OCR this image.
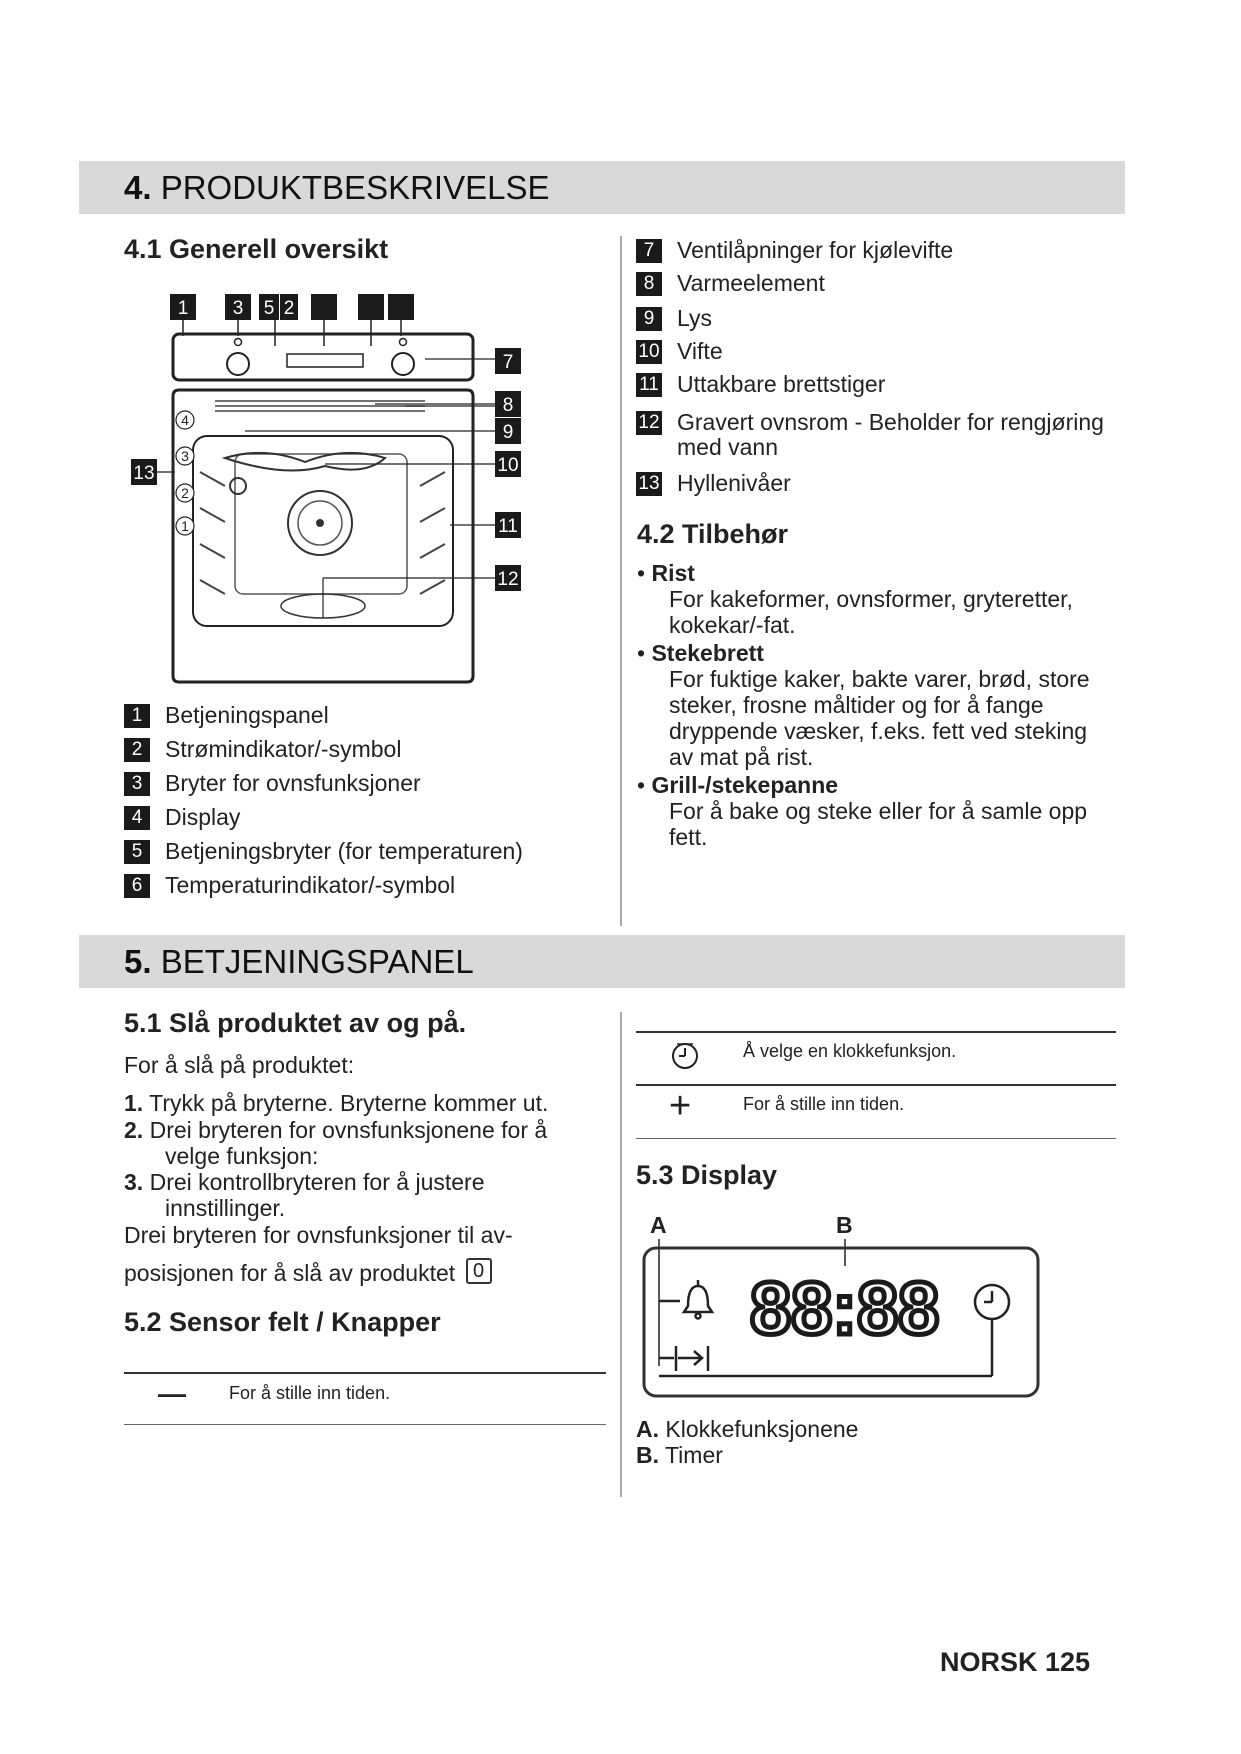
4. PRODUKTBESKRIVELSE
4.1 Generell oversikt
1 3 5 2
4
3
2
1
7
8
9
10
11
12
13
1 Betjeningspanel
2 Strømindikator/-symbol
3 Bryter for ovnsfunksjoner
4 Display
5 Betjeningsbryter (for temperaturen)
6 Temperaturindikator/-symbol
7 Ventilåpninger for kjølevifte
8 Varmeelement
9 Lys
10 Vifte
11 Uttakbare brettstiger
12 Gravert ovnsrom - Beholder for rengjøring
med vann
13 Hyllenivåer
4.2 Tilbehør
• Rist
For kakeformer, ovnsformer, gryteretter,
kokekar/-fat.
• Stekebrett
For fuktige kaker, bakte varer, brød, store
steker, frosne måltider og for å fange
dryppende væsker, f.eks. fett ved steking
av mat på rist.
• Grill-/stekepanne
For å bake og steke eller for å samle opp
fett.
5. BETJENINGSPANEL
5.1 Slå produktet av og på.
For å slå på produktet:
1. Trykk på bryterne. Bryterne kommer ut.
2. Drei bryteren for ovnsfunksjonene for å
velge funksjon:
3. Drei kontrollbryteren for å justere
innstillinger.
Drei bryteren for ovnsfunksjoner til av-
posisjonen for å slå av produktet 0
5.2 Sensor felt / Knapper
— For å stille inn tiden.
Å velge en klokkefunksjon.
+	For å stille inn tiden.
5.3 Display
A	B
88:88
A. Klokkefunksjonene
B. Timer
NORSK 125
